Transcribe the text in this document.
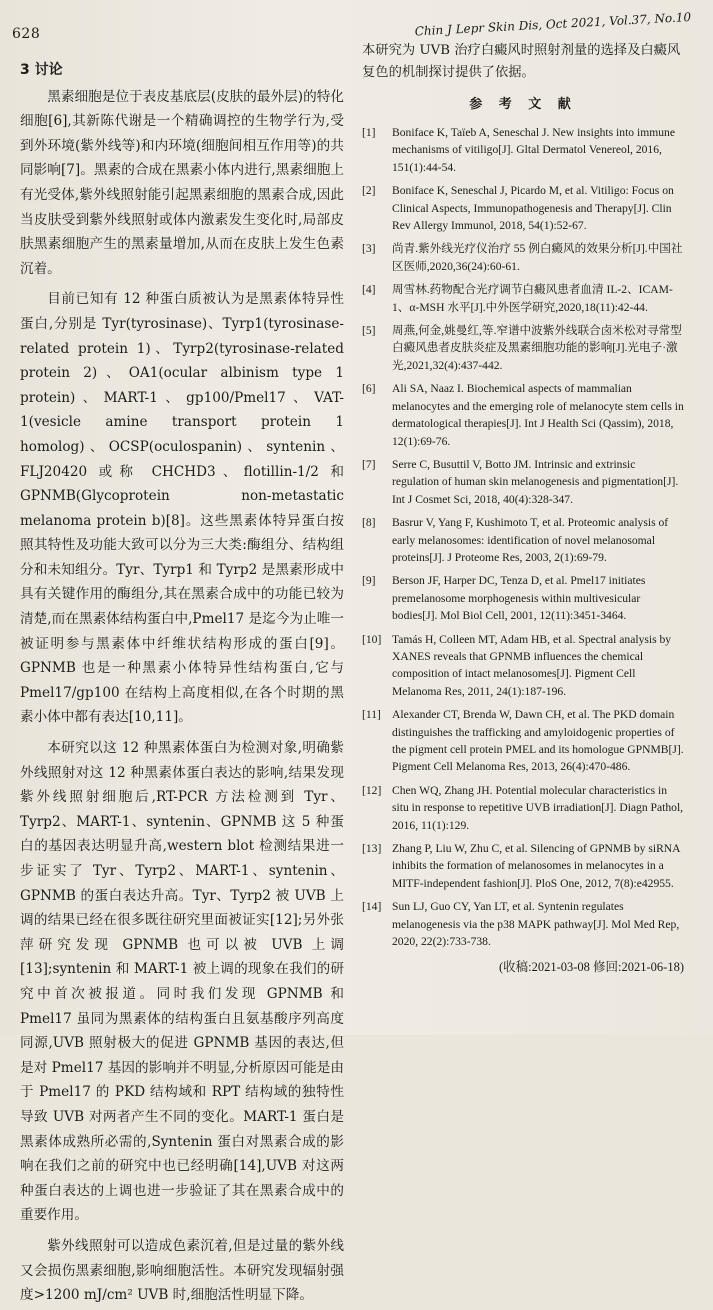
628	Chin J Lepr Skin Dis, Oct 2021, Vol.37, No.10
3 讨论

黑素细胞是位于表皮基底层(皮肤的最外层)的特化细胞[6],其新陈代谢是一个精确调控的生物学行为,受到外环境(紫外线等)和内环境(细胞间相互作用等)的共同影响[7]。黑素的合成在黑素小体内进行,黑素细胞上有光受体,紫外线照射能引起黑素细胞的黑素合成,因此当皮肤受到紫外线照射或体内激素发生变化时,局部皮肤黑素细胞产生的黑素量增加,从而在皮肤上发生色素沉着。

目前已知有 12 种蛋白质被认为是黑素体特异性蛋白,分别是 Tyr(tyrosinase)、Tyrp1(tyrosinase-related protein 1)、Tyrp2(tyrosinase-related protein 2)、OA1(ocular albinism type 1 protein)、MART-1、gp100/Pmel17、VAT-1(vesicle amine transport protein 1 homolog)、OCSP(oculospanin)、syntenin、FLJ20420 或称 CHCHD3、flotillin-1/2 和 GPNMB(Glycoprotein non-metastatic melanoma protein b)[8]。这些黑素体特异蛋白按照其特性及功能大致可以分为三大类:酶组分、结构组分和未知组分。Tyr、Tyrp1 和 Tyrp2 是黑素形成中具有关键作用的酶组分,其在黑素合成中的功能已较为清楚,而在黑素体结构蛋白中,Pmel17 是迄今为止唯一被证明参与黑素体中纤维状结构形成的蛋白[9]。GPNMB 也是一种黑素小体特异性结构蛋白,它与 Pmel17/gp100 在结构上高度相似,在各个时期的黑素小体中都有表达[10,11]。

本研究以这 12 种黑素体蛋白为检测对象,明确紫外线照射对这 12 种黑素体蛋白表达的影响,结果发现紫外线照射细胞后,RT-PCR 方法检测到 Tyr、Tyrp2、MART-1、syntenin、GPNMB 这 5 种蛋白的基因表达明显升高,western blot 检测结果进一步证实了 Tyr、Tyrp2、MART-1、syntenin、GPNMB 的蛋白表达升高。Tyr、Tyrp2 被 UVB 上调的结果已经在很多既往研究里面被证实[12];另外张萍研究发现 GPNMB 也可以被 UVB 上调[13];syntenin 和 MART-1 被上调的现象在我们的研究中首次被报道。同时我们发现 GPNMB 和 Pmel17 虽同为黑素体的结构蛋白且氨基酸序列高度同源,UVB 照射极大的促进 GPNMB 基因的表达,但是对 Pmel17 基因的影响并不明显,分析原因可能是由于 Pmel17 的 PKD 结构域和 RPT 结构域的独特性导致 UVB 对两者产生不同的变化。MART-1 蛋白是黑素体成熟所必需的,Syntenin 蛋白对黑素合成的影响在我们之前的研究中也已经明确[14],UVB 对这两种蛋白表达的上调也进一步验证了其在黑素合成中的重要作用。

紫外线照射可以造成色素沉着,但是过量的紫外线又会损伤黑素细胞,影响细胞活性。本研究发现辐射强度>1200 mJ/cm² UVB 时,细胞活性明显下降。

本研究为 UVB 治疗白癜风时照射剂量的选择及白癜风复色的机制探讨提供了依据。

参 考 文 献
[1]	Boniface K, Taïeb A, Seneschal J. New insights into immune mechanisms of vitiligo[J]. Gltal Dermatol Venereol, 2016, 151(1):44-54.
[2]	Boniface K, Seneschal J, Picardo M, et al. Vitiligo: Focus on Clinical Aspects, Immunopathogenesis and Therapy[J]. Clin Rev Allergy Immunol, 2018, 54(1):52-67.
[3]	尚青.紫外线光疗仪治疗 55 例白癜风的效果分析[J].中国社区医师,2020,36(24):60-61.
[4]	周雪林.药物配合光疗调节白癜风患者血清 IL-2、ICAM-1、α-MSH 水平[J].中外医学研究,2020,18(11):42-44.
[5]	周燕,何金,姚曼红,等.窄谱中波紫外线联合卤米松对寻常型白癜风患者皮肤炎症及黑素细胞功能的影响[J].光电子·激光,2021,32(4):437-442.
[6]	Ali SA, Naaz I. Biochemical aspects of mammalian melanocytes and the emerging role of melanocyte stem cells in dermatological therapies[J]. Int J Health Sci (Qassim), 2018, 12(1):69-76.
[7]	Serre C, Busuttil V, Botto JM. Intrinsic and extrinsic regulation of human skin melanogenesis and pigmentation[J]. Int J Cosmet Sci, 2018, 40(4):328-347.
[8]	Basrur V, Yang F, Kushimoto T, et al. Proteomic analysis of early melanosomes: identification of novel melanosomal proteins[J]. J Proteome Res, 2003, 2(1):69-79.
[9]	Berson JF, Harper DC, Tenza D, et al. Pmel17 initiates premelanosome morphogenesis within multivesicular bodies[J]. Mol Biol Cell, 2001, 12(11):3451-3464.
[10] Tamás H, Colleen MT, Adam HB, et al. Spectral analysis by XANES reveals that GPNMB influences the chemical composition of intact melanosomes[J]. Pigment Cell Melanoma Res, 2011, 24(1):187-196.
[11] Alexander CT, Brenda W, Dawn CH, et al. The PKD domain distinguishes the trafficking and amyloidogenic properties of the pigment cell protein PMEL and its homologue GPNMB[J]. Pigment Cell Melanoma Res, 2013, 26(4):470-486.
[12] Chen WQ, Zhang JH. Potential molecular characteristics in situ in response to repetitive UVB irradiation[J]. Diagn Pathol, 2016, 11(1):129.
[13] Zhang P, Liu W, Zhu C, et al. Silencing of GPNMB by siRNA inhibits the formation of melanosomes in melanocytes in a MITF-independent fashion[J]. PloS One, 2012, 7(8):e42955.
[14] Sun LJ, Guo CY, Yan LT, et al. Syntenin regulates melanogenesis via the p38 MAPK pathway[J]. Mol Med Rep, 2020, 22(2):733-738.
(收稿:2021-03-08 修回:2021-06-18)
